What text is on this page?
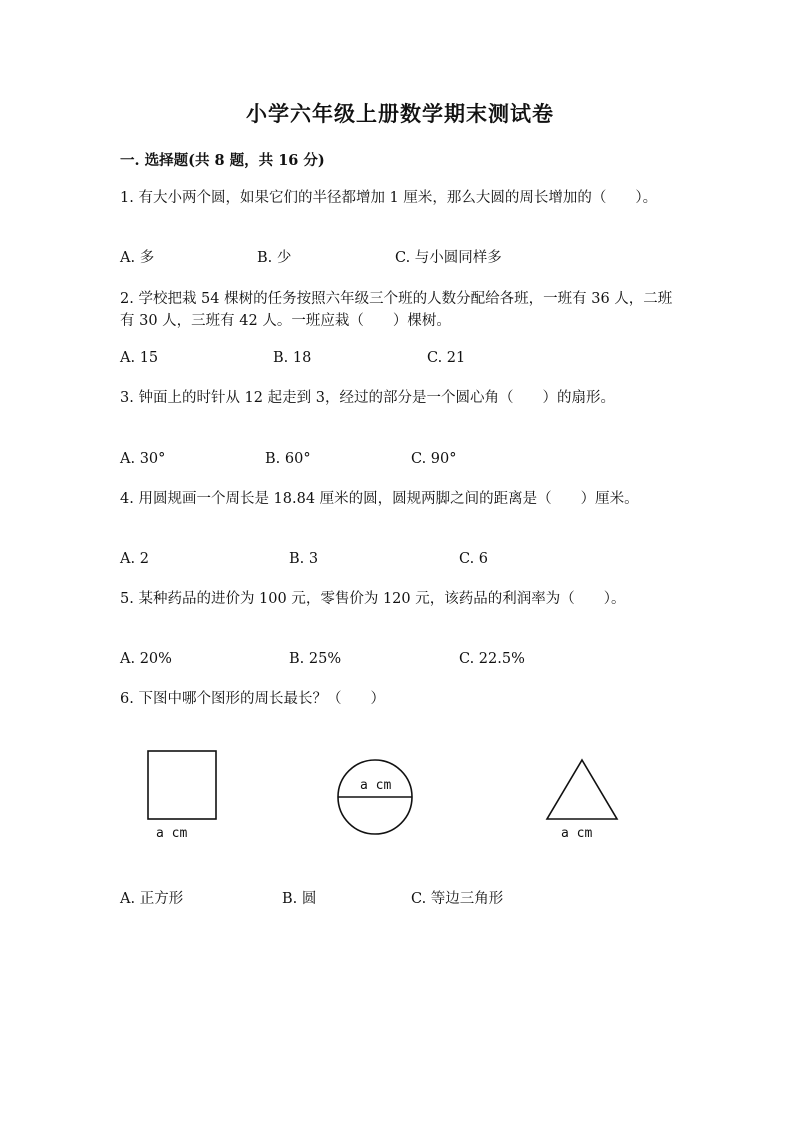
小学六年级上册数学期末测试卷
一. 选择题(共 8 题，共 16 分)
1. 有大小两个圆，如果它们的半径都增加 1 厘米，那么大圆的周长增加的（　　）。
A. 多	B. 少	C. 与小圆同样多
2. 学校把栽 54 棵树的任务按照六年级三个班的人数分配给各班，一班有 36 人，二班有 30 人，三班有 42 人。一班应栽（　　）棵树。
A. 15	B. 18	C. 21
3. 钟面上的时针从 12 起走到 3，经过的部分是一个圆心角（　　）的扇形。
A. 30°	B. 60°	C. 90°
4. 用圆规画一个周长是 18.84 厘米的圆，圆规两脚之间的距离是（　　）厘米。
A. 2	B. 3	C. 6
5. 某种药品的进价为 100 元，零售价为 120 元，该药品的利润率为（　　）。
A. 20%	B. 25%	C. 22.5%
6. 下图中哪个图形的周长最长？（　　）
a cm
a cm
a cm
A. 正方形	B. 圆	C. 等边三角形
